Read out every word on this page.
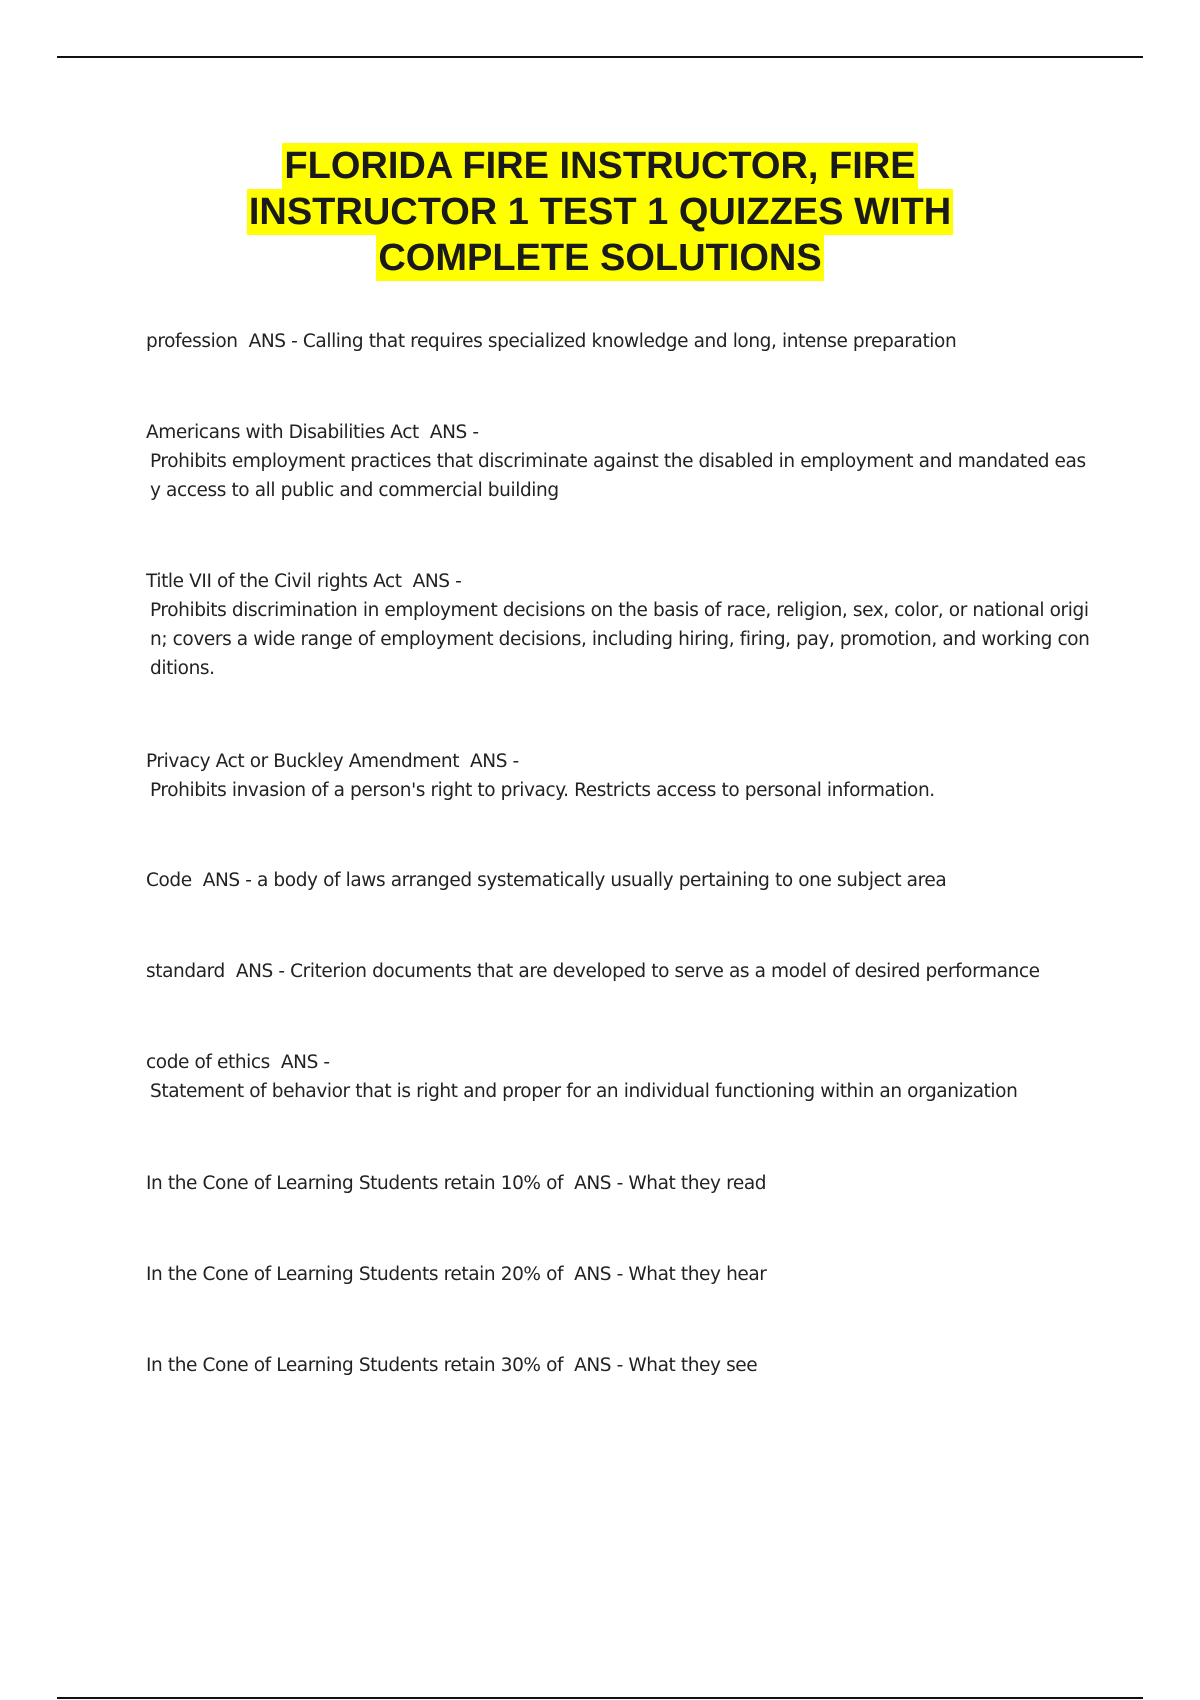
FLORIDA FIRE INSTRUCTOR, FIRE
INSTRUCTOR 1 TEST 1 QUIZZES WITH
COMPLETE SOLUTIONS
profession  ANS - Calling that requires specialized knowledge and long, intense preparation
Americans with Disabilities Act  ANS -
Prohibits employment practices that discriminate against the disabled in employment and mandated easy access to all public and commercial building
Title VII of the Civil rights Act  ANS -
Prohibits discrimination in employment decisions on the basis of race, religion, sex, color, or national origin; covers a wide range of employment decisions, including hiring, firing, pay, promotion, and working conditions.
Privacy Act or Buckley Amendment  ANS -
Prohibits invasion of a person's right to privacy. Restricts access to personal information.
Code  ANS - a body of laws arranged systematically usually pertaining to one subject area
standard  ANS - Criterion documents that are developed to serve as a model of desired performance
code of ethics  ANS -
Statement of behavior that is right and proper for an individual functioning within an organization
In the Cone of Learning Students retain 10% of  ANS - What they read
In the Cone of Learning Students retain 20% of  ANS - What they hear
In the Cone of Learning Students retain 30% of  ANS - What they see
